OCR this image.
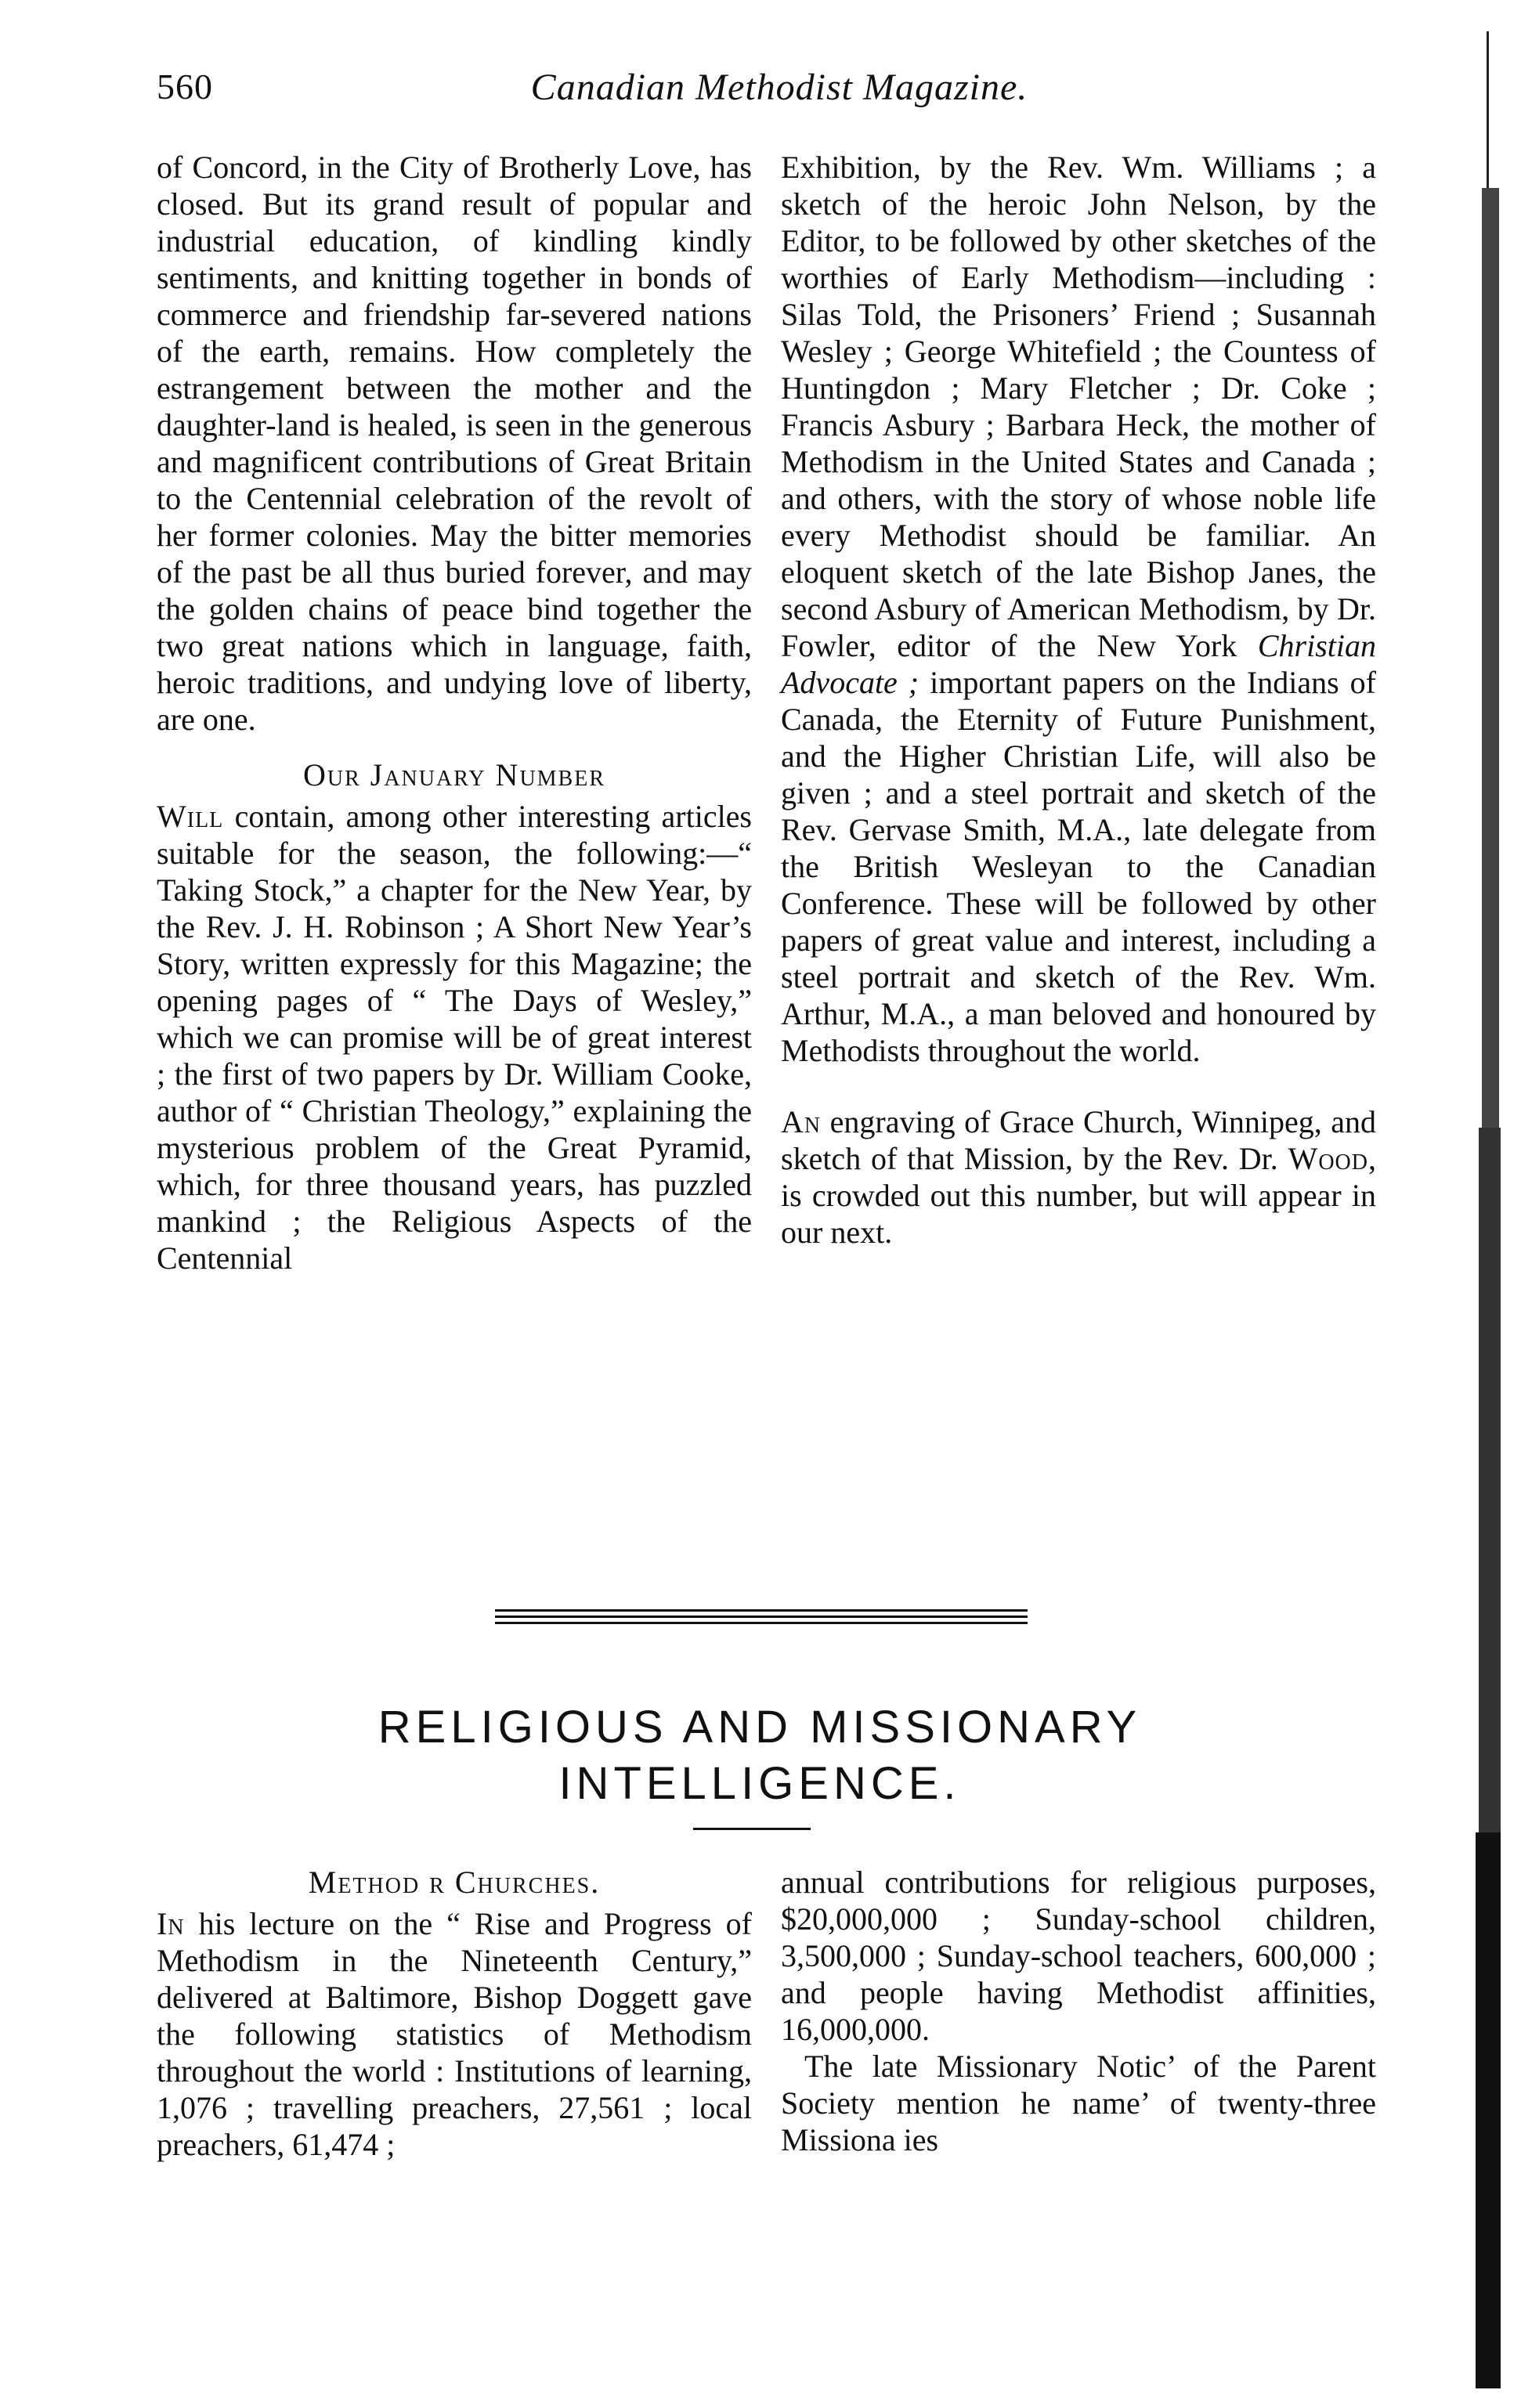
560	Canadian Methodist Magazine.

of Concord, in the City of Brotherly Love, has closed. But its grand result of popular and industrial education, of kindling kindly sentiments, and knitting together in bonds of commerce and friendship far-severed nations of the earth, remains. How completely the estrangement between the mother and the daughter-land is healed, is seen in the generous and magnificent contributions of Great Britain to the Centennial celebration of the revolt of her former colonies. May the bitter memories of the past be all thus buried forever, and may the golden chains of peace bind together the two great nations which in language, faith, heroic traditions, and undying love of liberty, are one.

Our January Number

Will contain, among other interesting articles suitable for the season, the following:—“ Taking Stock,” a chapter for the New Year, by the Rev. J. H. Robinson ; A Short New Year’s Story, written expressly for this Magazine; the opening pages of “ The Days of Wesley,” which we can promise will be of great interest ; the first of two papers by Dr. William Cooke, author of “ Christian Theology,” explaining the mysterious problem of the Great Pyramid, which, for three thousand years, has puzzled mankind ; the Religious Aspects of the Centennial

Exhibition, by the Rev. Wm. Williams ; a sketch of the heroic John Nelson, by the Editor, to be followed by other sketches of the worthies of Early Methodism—including : Silas Told, the Prisoners’ Friend ; Susannah Wesley ; George Whitefield ; the Countess of Huntingdon ; Mary Fletcher ; Dr. Coke ; Francis Asbury ; Barbara Heck, the mother of Methodism in the United States and Canada ; and others, with the story of whose noble life every Methodist should be familiar. An eloquent sketch of the late Bishop Janes, the second Asbury of American Methodism, by Dr. Fowler, editor of the New York Christian Advocate ; important papers on the Indians of Canada, the Eternity of Future Punishment, and the Higher Christian Life, will also be given ; and a steel portrait and sketch of the Rev. Gervase Smith, M.A., late delegate from the British Wesleyan to the Canadian Conference. These will be followed by other papers of great value and interest, including a steel portrait and sketch of the Rev. Wm. Arthur, M.A., a man beloved and honoured by Methodists throughout the world.

An engraving of Grace Church, Winnipeg, and sketch of that Mission, by the Rev. Dr. Wood, is crowded out this number, but will appear in our next.

RELIGIOUS AND MISSIONARY
INTELLIGENCE.
Method r Churches.

In his lecture on the “ Rise and Progress of Methodism in the Nineteenth Century,” delivered at Baltimore, Bishop Doggett gave the following statistics of Methodism throughout the world : Institutions of learning, 1,076 ; travelling preachers, 27,561 ; local preachers, 61,474 ;

annual contributions for religious purposes, $20,000,000 ; Sunday-school children, 3,500,000 ; Sunday-school teachers, 600,000 ; and people having Methodist affinities, 16,000,000.

The late Missionary Notic’ of the Parent Society mention he name’ of twenty-three Missiona ies
